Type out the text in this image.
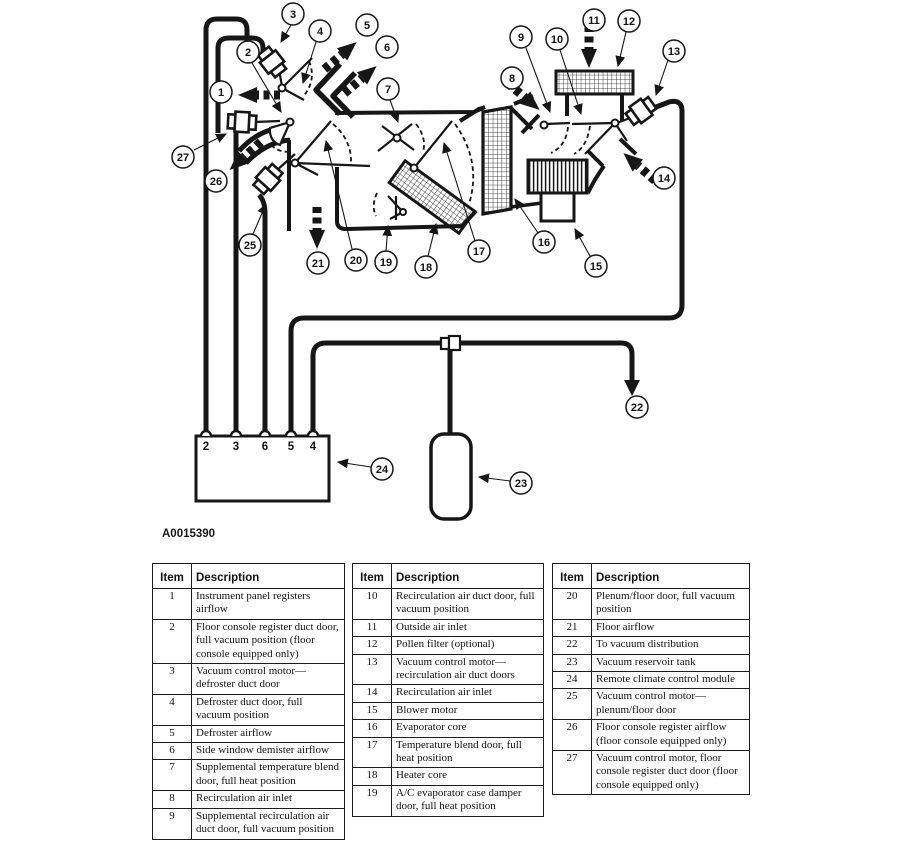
2 3 6 5 4
1
2
3
4	5
6
7
8
9 10
11 12
13
14
15
16
17
18
19
20
21
22
23
24
25
26
27
A0015390
Item	Description
1	Instrument panel registers airflow
2	Floor console register duct door, full vacuum position (floor console equipped only)
3	Vacuum control motor—defroster duct door
4	Defroster duct door, full vacuum position
5	Defroster airflow
6	Side window demister airflow
7	Supplemental temperature blend door, full heat position
8	Recirculation air inlet
9	Supplemental recirculation air duct door, full vacuum position
Item	Description
10	Recirculation air duct door, full vacuum position
11	Outside air inlet
12	Pollen filter (optional)
13	Vacuum control motor—recirculation air duct doors
14	Recirculation air inlet
15	Blower motor
16	Evaporator core
17	Temperature blend door, full heat position
18	Heater core
19	A/C evaporator case damper door, full heat position
Item	Description
20	Plenum/floor door, full vacuum position
21	Floor airflow
22	To vacuum distribution
23	Vacuum reservoir tank
24	Remote climate control module
25	Vacuum control motor—plenum/floor door
26	Floor console register airflow (floor console equipped only)
27	Vacuum control motor, floor console register duct door (floor console equipped only)
